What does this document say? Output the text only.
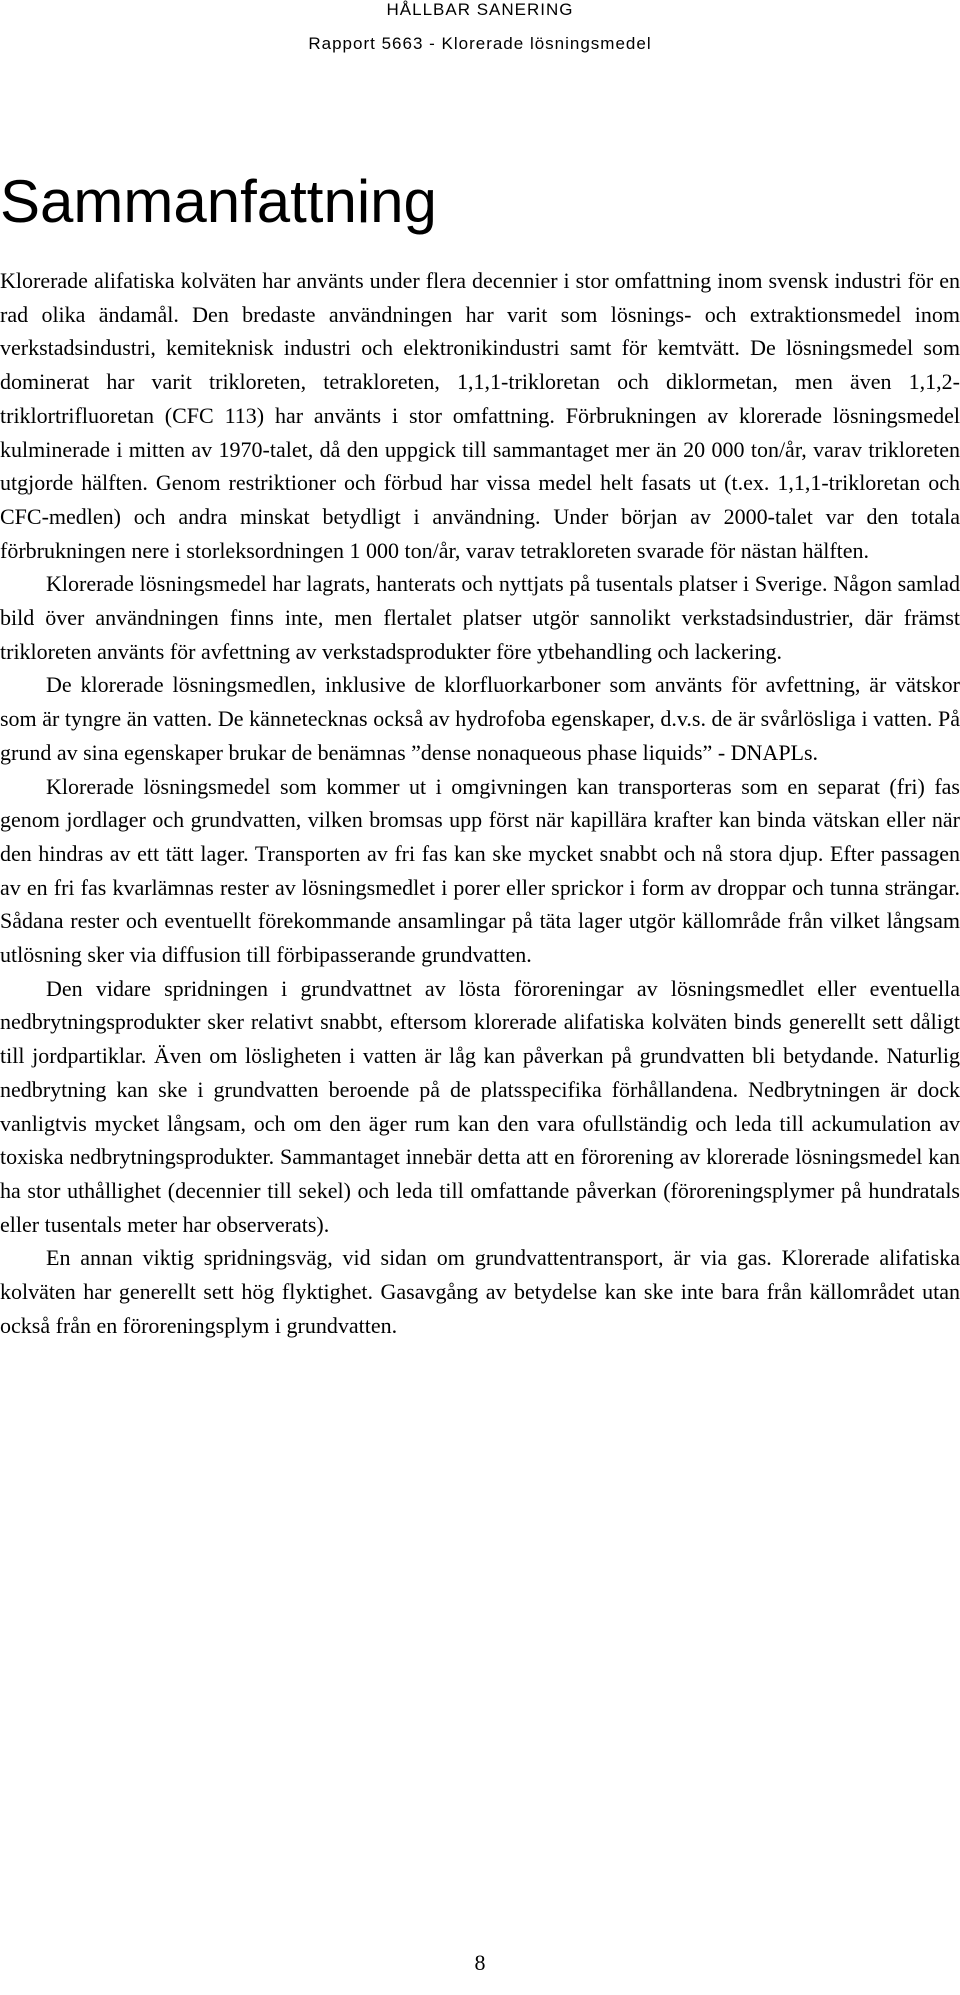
HÅLLBAR SANERING
Rapport 5663 - Klorerade lösningsmedel
Sammanfattning

Klorerade alifatiska kolväten har använts under flera decennier i stor omfattning inom svensk industri för en rad olika ändamål. Den bredaste användningen har varit som lösnings- och extraktionsmedel inom verkstadsindustri, kemiteknisk industri och elektronikindustri samt för kemtvätt. De lösningsmedel som dominerat har varit trikloreten, tetrakloreten, 1,1,1-trikloretan och diklormetan, men även 1,1,2-triklortrifluoretan (CFC 113) har använts i stor omfattning. Förbrukningen av klorerade lösningsmedel kulminerade i mitten av 1970-talet, då den uppgick till sammantaget mer än 20 000 ton/år, varav trikloreten utgjorde hälften. Genom restriktioner och förbud har vissa medel helt fasats ut (t.ex. 1,1,1-trikloretan och CFC-medlen) och andra minskat betydligt i användning. Under början av 2000-talet var den totala förbrukningen nere i storleksordningen 1 000 ton/år, varav tetrakloreten svarade för nästan hälften.

Klorerade lösningsmedel har lagrats, hanterats och nyttjats på tusentals platser i Sverige. Någon samlad bild över användningen finns inte, men flertalet platser utgör sannolikt verkstadsindustrier, där främst trikloreten använts för avfettning av verkstadsprodukter före ytbehandling och lackering.

De klorerade lösningsmedlen, inklusive de klorfluorkarboner som använts för avfettning, är vätskor som är tyngre än vatten. De kännetecknas också av hydrofoba egenskaper, d.v.s. de är svårlösliga i vatten. På grund av sina egenskaper brukar de benämnas ”dense nonaqueous phase liquids” - DNAPLs.

Klorerade lösningsmedel som kommer ut i omgivningen kan transporteras som en separat (fri) fas genom jordlager och grundvatten, vilken bromsas upp först när kapillära krafter kan binda vätskan eller när den hindras av ett tätt lager. Transporten av fri fas kan ske mycket snabbt och nå stora djup. Efter passagen av en fri fas kvarlämnas rester av lösningsmedlet i porer eller sprickor i form av droppar och tunna strängar. Sådana rester och eventuellt förekommande ansamlingar på täta lager utgör källområde från vilket långsam utlösning sker via diffusion till förbipasserande grundvatten.

Den vidare spridningen i grundvattnet av lösta föroreningar av lösningsmedlet eller eventuella nedbrytningsprodukter sker relativt snabbt, eftersom klorerade alifatiska kolväten binds generellt sett dåligt till jordpartiklar. Även om lösligheten i vatten är låg kan påverkan på grundvatten bli betydande. Naturlig nedbrytning kan ske i grundvatten beroende på de platsspecifika förhållandena. Nedbrytningen är dock vanligtvis mycket långsam, och om den äger rum kan den vara ofullständig och leda till ackumulation av toxiska nedbrytningsprodukter. Sammantaget innebär detta att en förorening av klorerade lösningsmedel kan ha stor uthållighet (decennier till sekel) och leda till omfattande påverkan (föroreningsplymer på hundratals eller tusentals meter har observerats).

En annan viktig spridningsväg, vid sidan om grundvattentransport, är via gas. Klorerade alifatiska kolväten har generellt sett hög flyktighet. Gasavgång av betydelse kan ske inte bara från källområdet utan också från en föroreningsplym i grundvatten.

8
